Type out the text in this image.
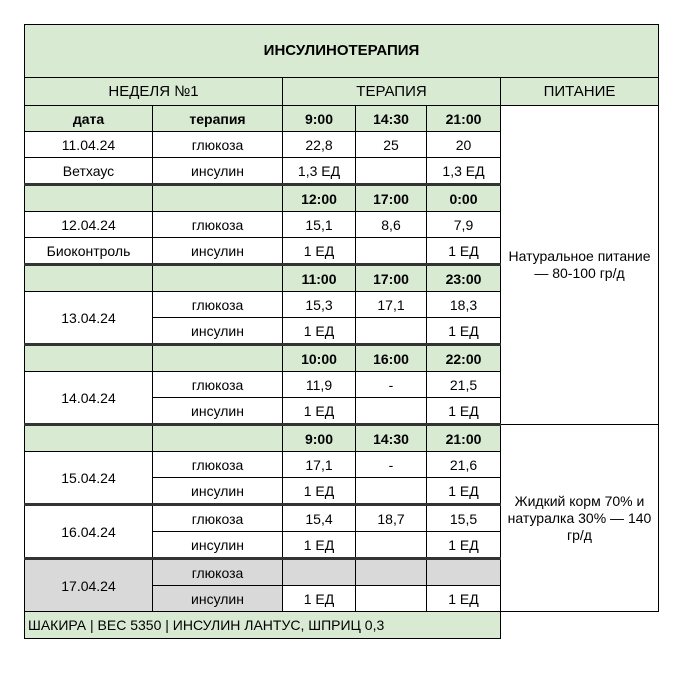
ИНСУЛИНОТЕРАПИЯ					
НЕДЕЛЯ №1		ТЕРАПИЯ			ПИТАНИЕ
дата	терапия	9:00	14:30	21:00	Натуральное питание — 80-100 гр/д
11.04.24	глюкоза	22,8	25	20	
Ветхаус	инсулин	1,3 ЕД		1,3 ЕД	
		12:00	17:00	0:00	
12.04.24	глюкоза	15,1	8,6	7,9	
Биоконтроль	инсулин	1 ЕД		1 ЕД	
		11:00	17:00	23:00	
13.04.24	глюкоза	15,3	17,1	18,3	
	инсулин	1 ЕД		1 ЕД	
		10:00	16:00	22:00	
14.04.24	глюкоза	11,9	-	21,5	
	инсулин	1 ЕД		1 ЕД	
		9:00	14:30	21:00	Жидкий корм 70% и натуралка 30% — 140 гр/д
15.04.24	глюкоза	17,1	-	21,6	
	инсулин	1 ЕД		1 ЕД	
16.04.24	глюкоза	15,4	18,7	15,5	
	инсулин	1 ЕД		1 ЕД	
17.04.24	глюкоза				
	инсулин	1 ЕД		1 ЕД	
ШАКИРА | ВЕС 5350 | ИНСУЛИН ЛАНТУС, ШПРИЦ 0,3					
